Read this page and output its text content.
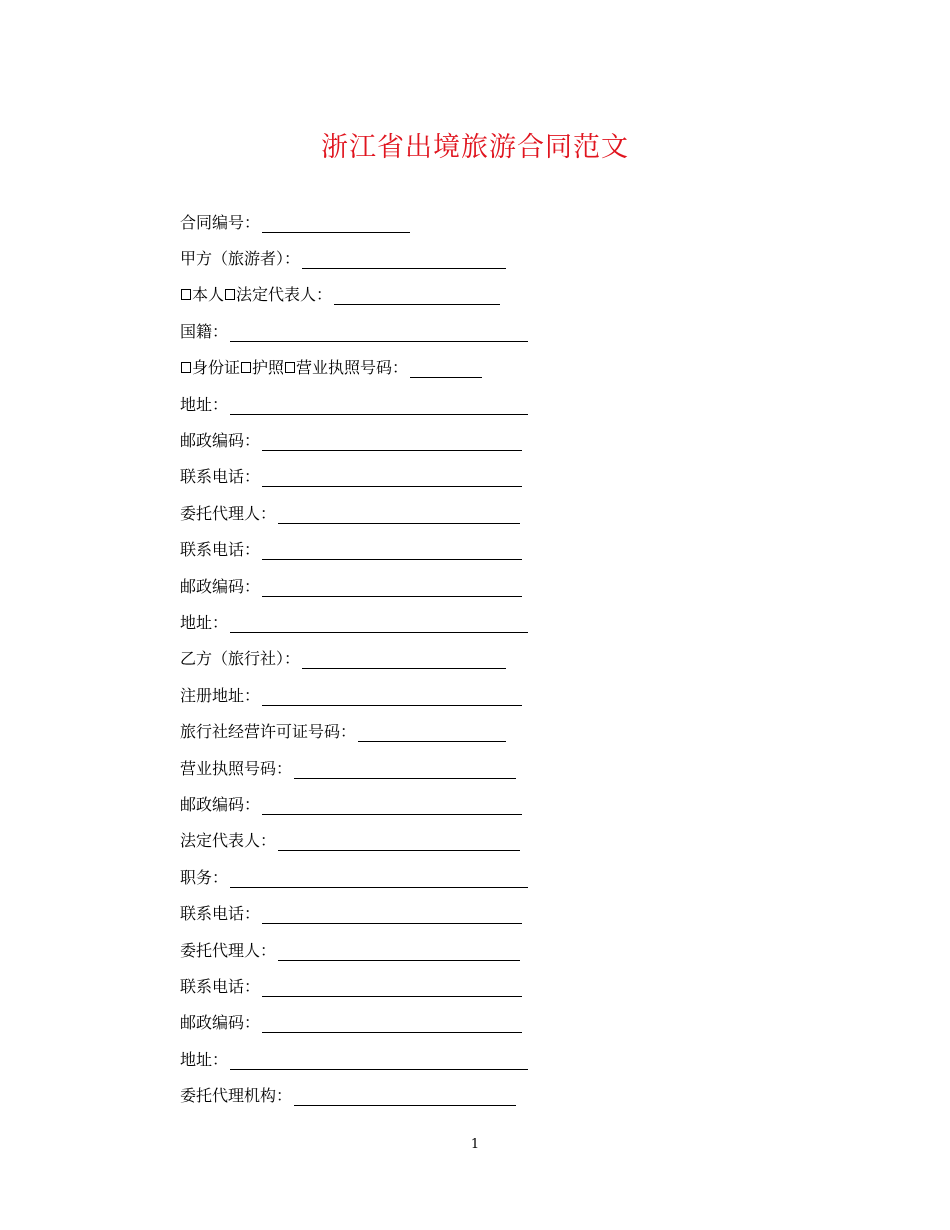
浙江省出境旅游合同范文
合同编号：
甲方（旅游者）：
本人 法定代表人：
国籍：
身份证 护照 营业执照号码：
地址：
邮政编码：
联系电话：
委托代理人：
联系电话：
邮政编码：
地址：
乙方（旅行社）：
注册地址：
旅行社经营许可证号码：
营业执照号码：
邮政编码：
法定代表人：
职务：
联系电话：
委托代理人：
联系电话：
邮政编码：
地址：
委托代理机构：
1
